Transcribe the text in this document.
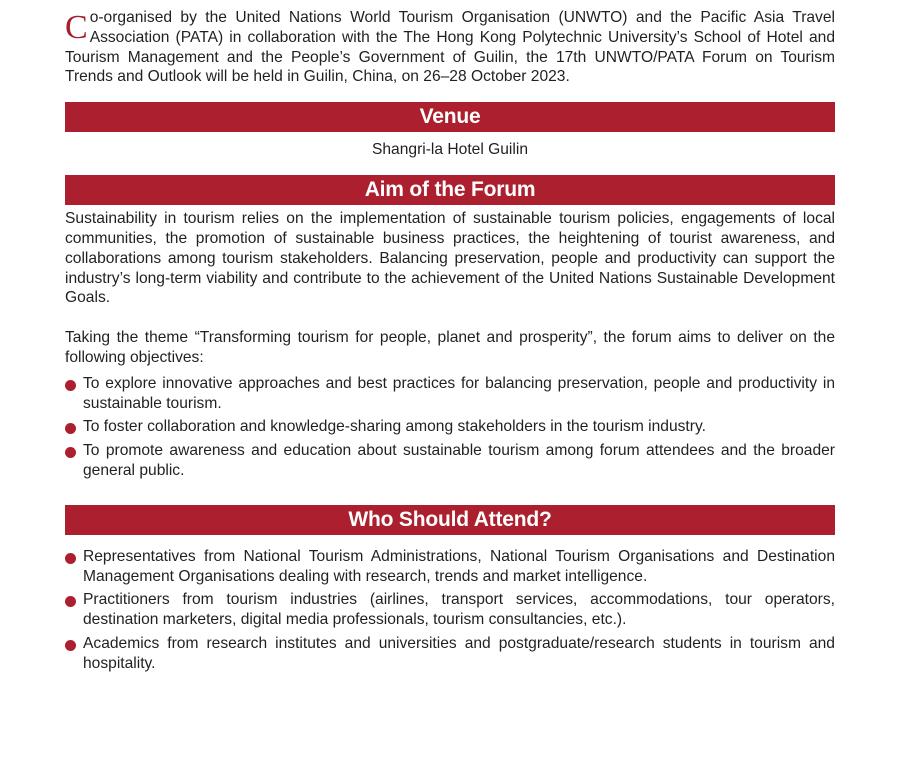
Co-organised by the United Nations World Tourism Organisation (UNWTO) and the Pacific Asia Travel Association (PATA) in collaboration with the The Hong Kong Polytechnic University’s School of Hotel and Tourism Management and the People’s Government of Guilin, the 17th UNWTO/PATA Forum on Tourism Trends and Outlook will be held in Guilin, China, on 26–28 October 2023.

Venue

Shangri-la Hotel Guilin

Aim of the Forum

Sustainability in tourism relies on the implementation of sustainable tourism policies, engagements of local communities, the promotion of sustainable business practices, the heightening of tourist awareness, and collaborations among tourism stakeholders. Balancing preservation, people and productivity can support the industry’s long-term viability and contribute to the achievement of the United Nations Sustainable Development Goals.

Taking the theme “Transforming tourism for people, planet and prosperity”, the forum aims to deliver on the following objectives:

To explore innovative approaches and best practices for balancing preservation, people and productivity in sustainable tourism.
To foster collaboration and knowledge-sharing among stakeholders in the tourism industry.
To promote awareness and education about sustainable tourism among forum attendees and the broader general public.
Who Should Attend?
Representatives from National Tourism Administrations, National Tourism Organisations and Destination Management Organisations dealing with research, trends and market intelligence.
Practitioners from tourism industries (airlines, transport services, accommodations, tour operators, destination marketers, digital media professionals, tourism consultancies, etc.).
Academics from research institutes and universities and postgraduate/research students in tourism and hospitality.
